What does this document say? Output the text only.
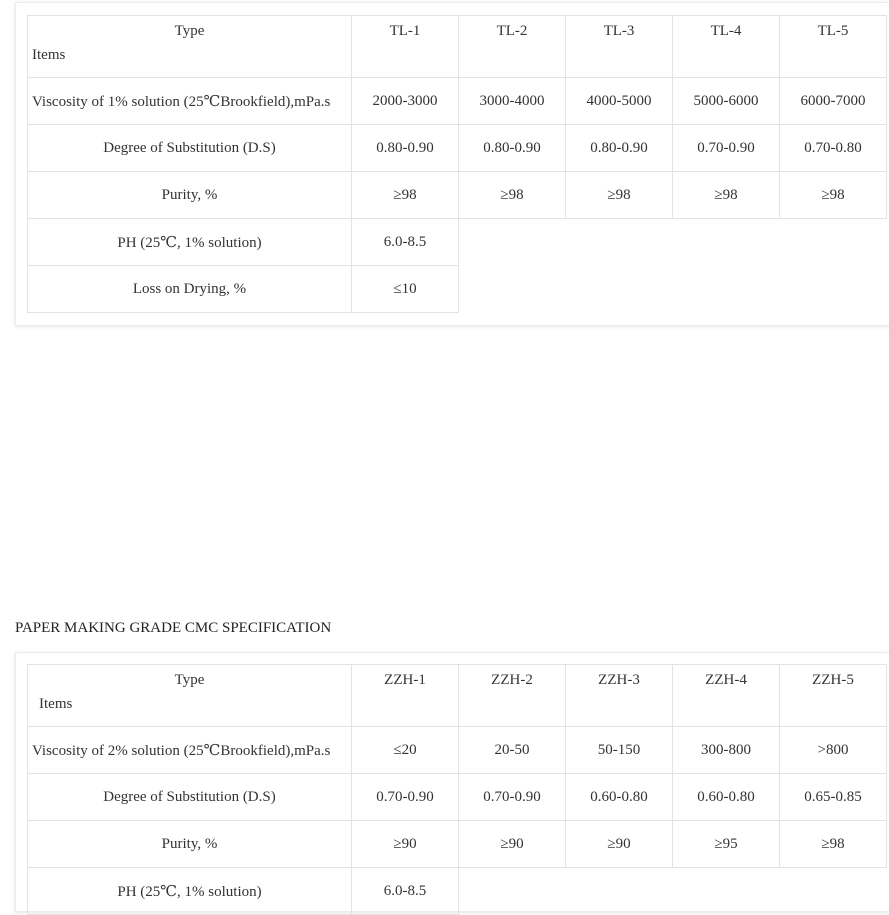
Type
Items	TL-1	TL-2	TL-3	TL-4	TL-5
Viscosity of 1% solution (25℃Brookfield),mPa.s	2000-3000	3000-4000	4000-5000	5000-6000	6000-7000
Degree of Substitution (D.S)	0.80-0.90	0.80-0.90	0.80-0.90	0.70-0.90	0.70-0.80
Purity, %	≥98	≥98	≥98	≥98	≥98
PH (25℃, 1% solution)	6.0-8.5				
Loss on Drying, %	≤10				
PAPER MAKING GRADE CMC SPECIFICATION
Type
Items	ZZH-1	ZZH-2	ZZH-3	ZZH-4	ZZH-5
Viscosity of 2% solution (25℃Brookfield),mPa.s	≤20	20-50	50-150	300-800	>800
Degree of Substitution (D.S)	0.70-0.90	0.70-0.90	0.60-0.80	0.60-0.80	0.65-0.85
Purity, %	≥90	≥90	≥90	≥95	≥98
PH (25℃, 1% solution)	6.0-8.5				
